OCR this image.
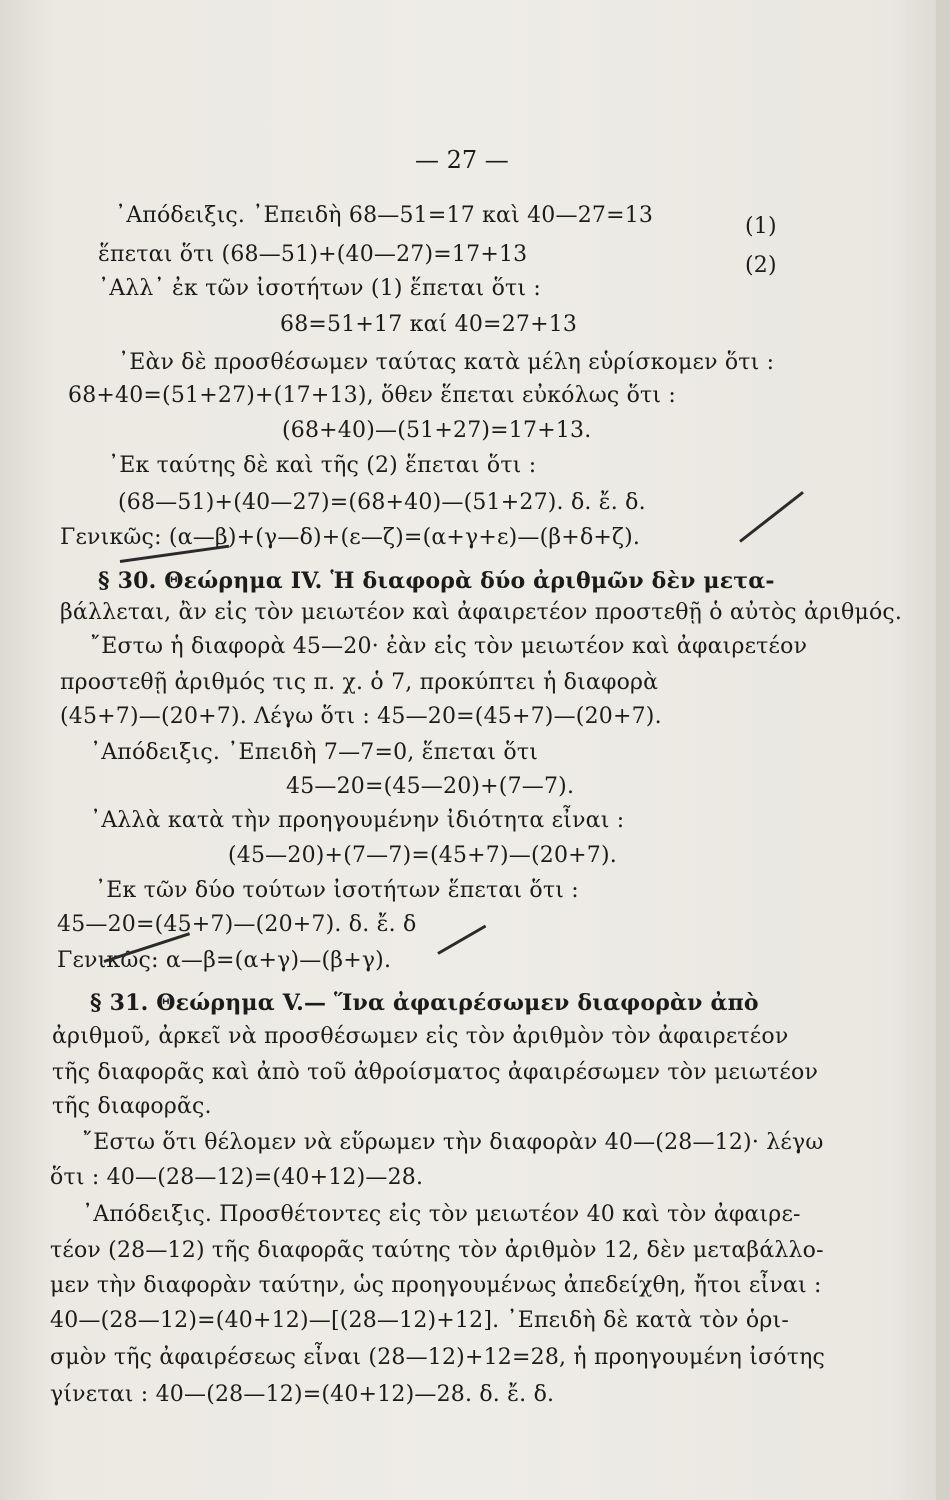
— 27 —
᾿Απόδειξις. ᾿Επειδὴ 68—51=17 καὶ 40—27=13	(1)
ἕπεται ὅτι (68—51)+(40—27)=17+13	(2)
᾿Αλλ᾿ ἐκ τῶν ἰσοτήτων (1) ἕπεται ὅτι :
68=51+17 καί 40=27+13
᾿Εὰν δὲ προσθέσωμεν ταύτας κατὰ μέλη εὑρίσκομεν ὅτι :
68+40=(51+27)+(17+13), ὅθεν ἕπεται εὐκόλως ὅτι :
(68+40)—(51+27)=17+13.
᾿Εκ ταύτης δὲ καὶ τῆς (2) ἕπεται ὅτι :
(68—51)+(40—27)=(68+40)—(51+27). δ. ἔ. δ.
Γενικῶς: (α—β)+(γ—δ)+(ε—ζ)=(α+γ+ε)—(β+δ+ζ).
§ 30. Θεώρημα IV. Ἡ διαφορὰ δύο ἀριθμῶν δὲν μετα-
βάλλεται, ἂν εἰς τὸν μειωτέον καὶ ἀφαιρετέον προστεθῇ ὁ αὐτὸς ἀριθμός.
῎Εστω ἡ διαφορὰ 45—20· ἐὰν εἰς τὸν μειωτέον καὶ ἀφαιρετέον
προστεθῇ ἀριθμός τις π. χ. ὁ 7, προκύπτει ἡ διαφορὰ
(45+7)—(20+7). Λέγω ὅτι : 45—20=(45+7)—(20+7).
᾿Απόδειξις. ᾿Επειδὴ 7—7=0, ἕπεται ὅτι
45—20=(45—20)+(7—7).
᾿Αλλὰ κατὰ τὴν προηγουμένην ἰδιότητα εἶναι :
(45—20)+(7—7)=(45+7)—(20+7).
᾿Εκ τῶν δύο τούτων ἰσοτήτων ἕπεται ὅτι :
45—20=(45+7)—(20+7). δ. ἔ. δ
Γενικῶς: α—β=(α+γ)—(β+γ).
§ 31. Θεώρημα V.— Ἵνα ἀφαιρέσωμεν διαφορὰν ἀπὸ
ἀριθμοῦ, ἀρκεῖ νὰ προσθέσωμεν εἰς τὸν ἀριθμὸν τὸν ἀφαιρετέον
τῆς διαφορᾶς καὶ ἀπὸ τοῦ ἀθροίσματος ἀφαιρέσωμεν τὸν μειωτέον
τῆς διαφορᾶς.
῎Εστω ὅτι θέλομεν νὰ εὕρωμεν τὴν διαφορὰν 40—(28—12)· λέγω
ὅτι : 40—(28—12)=(40+12)—28.
᾿Απόδειξις. Προσθέτοντες εἰς τὸν μειωτέον 40 καὶ τὸν ἀφαιρε-
τέον (28—12) τῆς διαφορᾶς ταύτης τὸν ἀριθμὸν 12, δὲν μεταβάλλο-
μεν τὴν διαφορὰν ταύτην, ὡς προηγουμένως ἀπεδείχθη, ἤτοι εἶναι :
40—(28—12)=(40+12)—[(28—12)+12]. ᾿Επειδὴ δὲ κατὰ τὸν ὁρι-
σμὸν τῆς ἀφαιρέσεως εἶναι (28—12)+12=28, ἡ προηγουμένη ἰσότης
γίνεται : 40—(28—12)=(40+12)—28. δ. ἔ. δ.
